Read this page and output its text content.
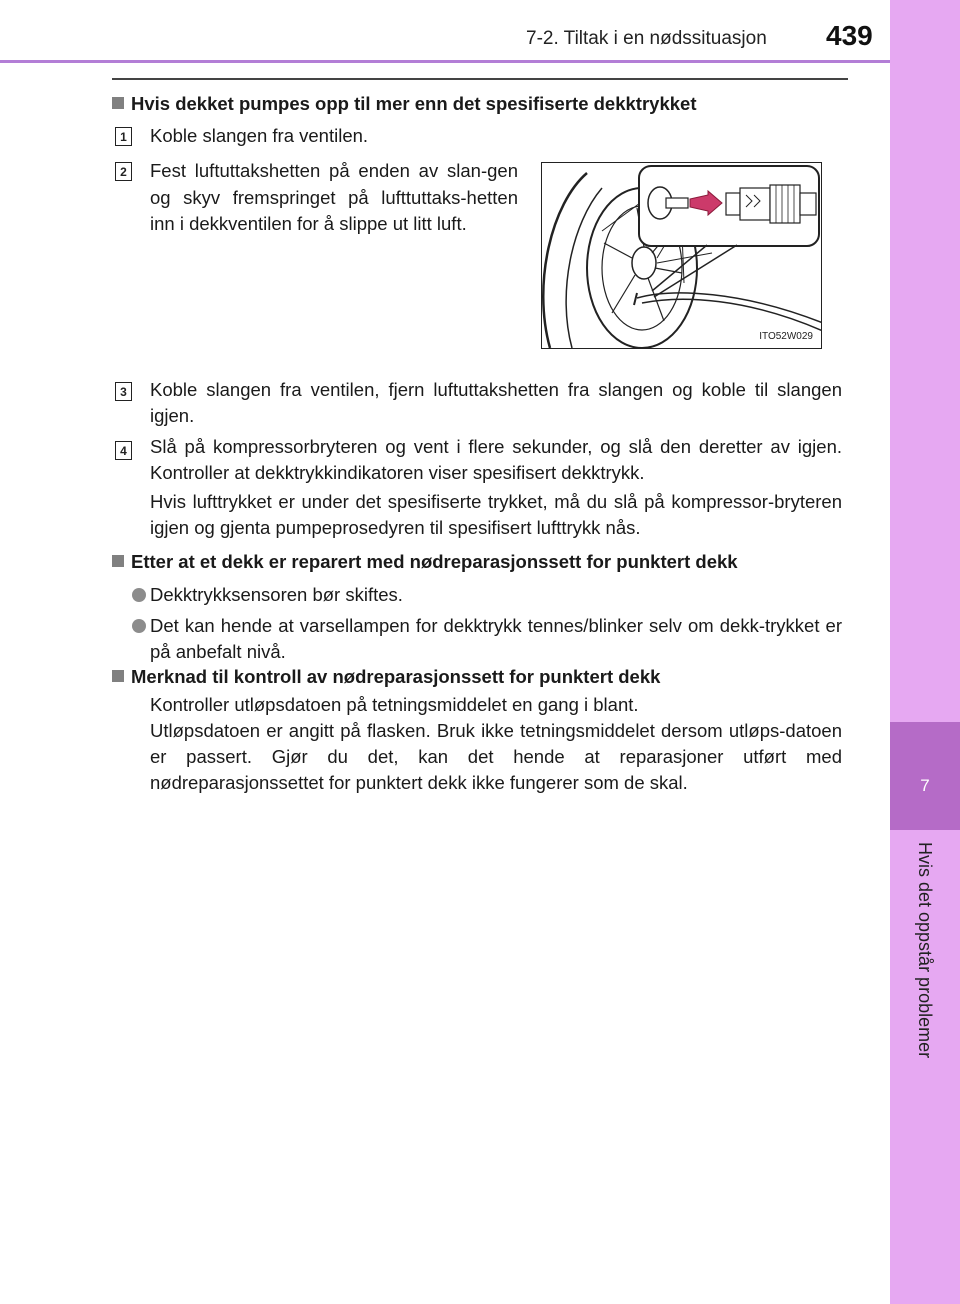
7-2. Tiltak i en nødssituasjon 439
7
Hvis det oppstår problemer
Hvis dekket pumpes opp til mer enn det spesifiserte dekktrykket
1 Koble slangen fra ventilen.
2 Fest luftuttakshetten på enden av slan-gen og skyv fremspringet på lufttuttaks-hetten inn i dekkventilen for å slippe ut litt luft.
ITO52W029
3 Koble slangen fra ventilen, fjern luftuttakshetten fra slangen og koble til slangen igjen.
4 Slå på kompressorbryteren og vent i flere sekunder, og slå den deretter av igjen. Kontroller at dekktrykkindikatoren viser spesifisert dekktrykk.
Hvis lufttrykket er under det spesifiserte trykket, må du slå på kompressor-bryteren igjen og gjenta pumpeprosedyren til spesifisert lufttrykk nås.
Etter at et dekk er reparert med nødreparasjonssett for punktert dekk
Dekktrykksensoren bør skiftes.
Det kan hende at varsellampen for dekktrykk tennes/blinker selv om dekk-trykket er på anbefalt nivå.
Merknad til kontroll av nødreparasjonssett for punktert dekk
Kontroller utløpsdatoen på tetningsmiddelet en gang i blant.
Utløpsdatoen er angitt på flasken. Bruk ikke tetningsmiddelet dersom utløps-datoen er passert. Gjør du det, kan det hende at reparasjoner utført med nødreparasjonssettet for punktert dekk ikke fungerer som de skal.
